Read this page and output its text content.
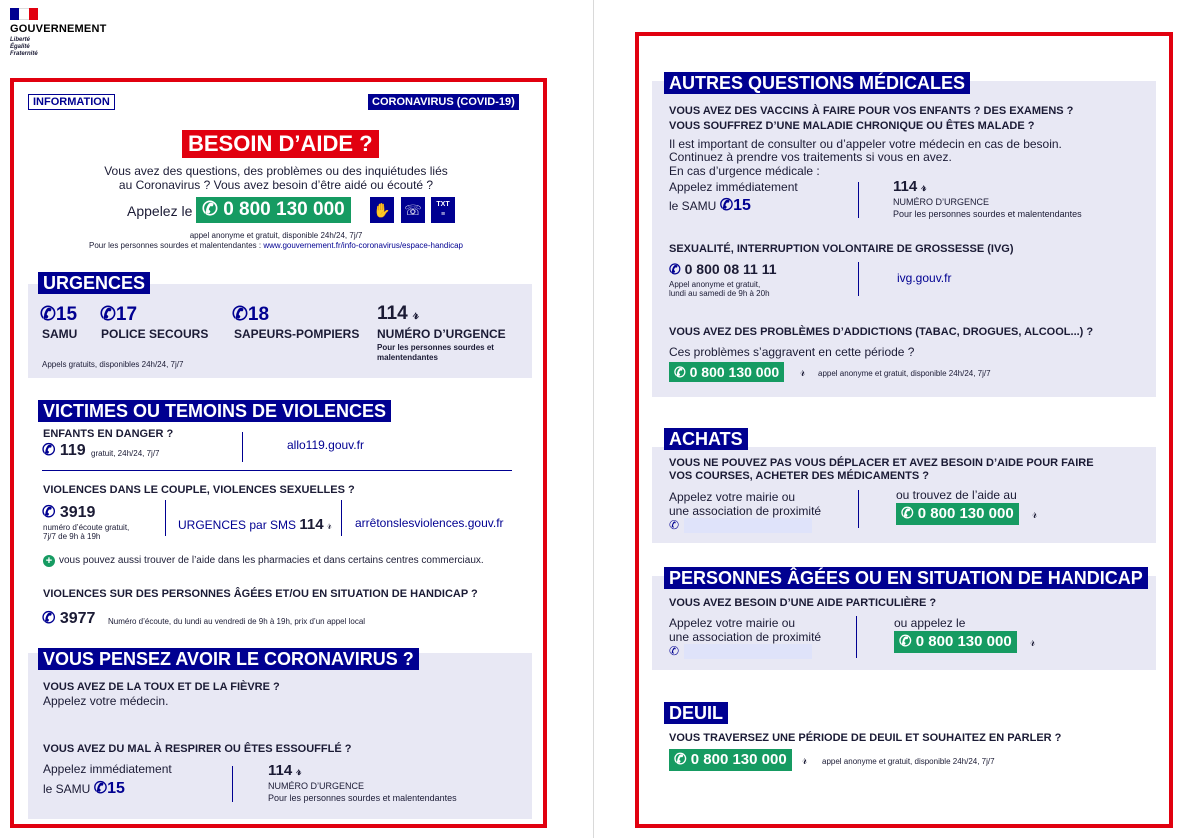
GOUVERNEMENT
Liberté
Égalité
Fraternité
INFORMATION	CORONAVIRUS (COVID-19)
BESOIN D’AIDE ?
Vous avez des questions, des problèmes ou des inquiétudes liés
au Coronavirus ? Vous avez besoin d’être aidé ou écouté ?
Appelez le ✆ 0 800 130 000	✋ ☏	TXT
≡
appel anonyme et gratuit, disponible 24h/24, 7j/7
Pour les personnes sourdes et malentendantes : www.gouvernement.fr/info-coronavirus/espace-handicap
URGENCES
✆15
SAMU
✆17
POLICE SECOURS
✆18
SAPEURS-POMPIERS
114 𝓇
NUMÉRO D’URGENCE
Pour les personnes sourdes et
malentendantes
Appels gratuits, disponibles 24h/24, 7j/7
VICTIMES OU TEMOINS DE VIOLENCES
ENFANTS EN DANGER ?
✆ 119 gratuit, 24h/24, 7j/7
allo119.gouv.fr
VIOLENCES DANS LE COUPLE, VIOLENCES SEXUELLES ?
✆ 3919
numéro d’écoute gratuit,
7j/7 de 9h à 19h
URGENCES par SMS 114 𝓇 arrêtonslesviolences.gouv.fr
+ vous pouvez aussi trouver de l’aide dans les pharmacies et dans certains centres commerciaux.
VIOLENCES SUR DES PERSONNES ÂGÉES ET/OU EN SITUATION DE HANDICAP ?
✆ 3977 Numéro d’écoute, du lundi au vendredi de 9h à 19h, prix d’un appel local
VOUS PENSEZ AVOIR LE CORONAVIRUS ?
VOUS AVEZ DE LA TOUX ET DE LA FIÈVRE ?
Appelez votre médecin.
VOUS AVEZ DU MAL À RESPIRER OU ÊTES ESSOUFFLÉ ?
Appelez immédiatement
le SAMU ✆15
114 𝓇
NUMÉRO D’URGENCE
Pour les personnes sourdes et malentendantes
AUTRES QUESTIONS MÉDICALES
VOUS AVEZ DES VACCINS À FAIRE POUR VOS ENFANTS ? DES EXAMENS ?
VOUS SOUFFREZ D’UNE MALADIE CHRONIQUE OU ÊTES MALADE ?
Il est important de consulter ou d’appeler votre médecin en cas de besoin.
Continuez à prendre vos traitements si vous en avez.
En cas d’urgence médicale :
Appelez immédiatement
le SAMU ✆15
114 𝓇
NUMÉRO D’URGENCE
Pour les personnes sourdes et malentendantes
SEXUALITÉ, INTERRUPTION VOLONTAIRE DE GROSSESSE (IVG)
✆ 0 800 08 11 11
Appel anonyme et gratuit,
lundi au samedi de 9h à 20h
ivg.gouv.fr
VOUS AVEZ DES PROBLÈMES D’ADDICTIONS (TABAC, DROGUES, ALCOOL...) ?
Ces problèmes s’aggravent en cette période ?
✆ 0 800 130 000	𝓇 appel anonyme et gratuit, disponible 24h/24, 7j/7
ACHATS
VOUS NE POUVEZ PAS VOUS DÉPLACER ET AVEZ BESOIN D’AIDE POUR FAIRE
VOS COURSES, ACHETER DES MÉDICAMENTS ?
Appelez votre mairie ou
une association de proximité
✆
ou trouvez de l’aide au
✆ 0 800 130 000	𝓇
PERSONNES ÂGÉES OU EN SITUATION DE HANDICAP
VOUS AVEZ BESOIN D’UNE AIDE PARTICULIÈRE ?
Appelez votre mairie ou
une association de proximité
✆
ou appelez le
✆ 0 800 130 000	𝓇
DEUIL
VOUS TRAVERSEZ UNE PÉRIODE DE DEUIL ET SOUHAITEZ EN PARLER ?
✆ 0 800 130 000	𝓇 appel anonyme et gratuit, disponible 24h/24, 7j/7
